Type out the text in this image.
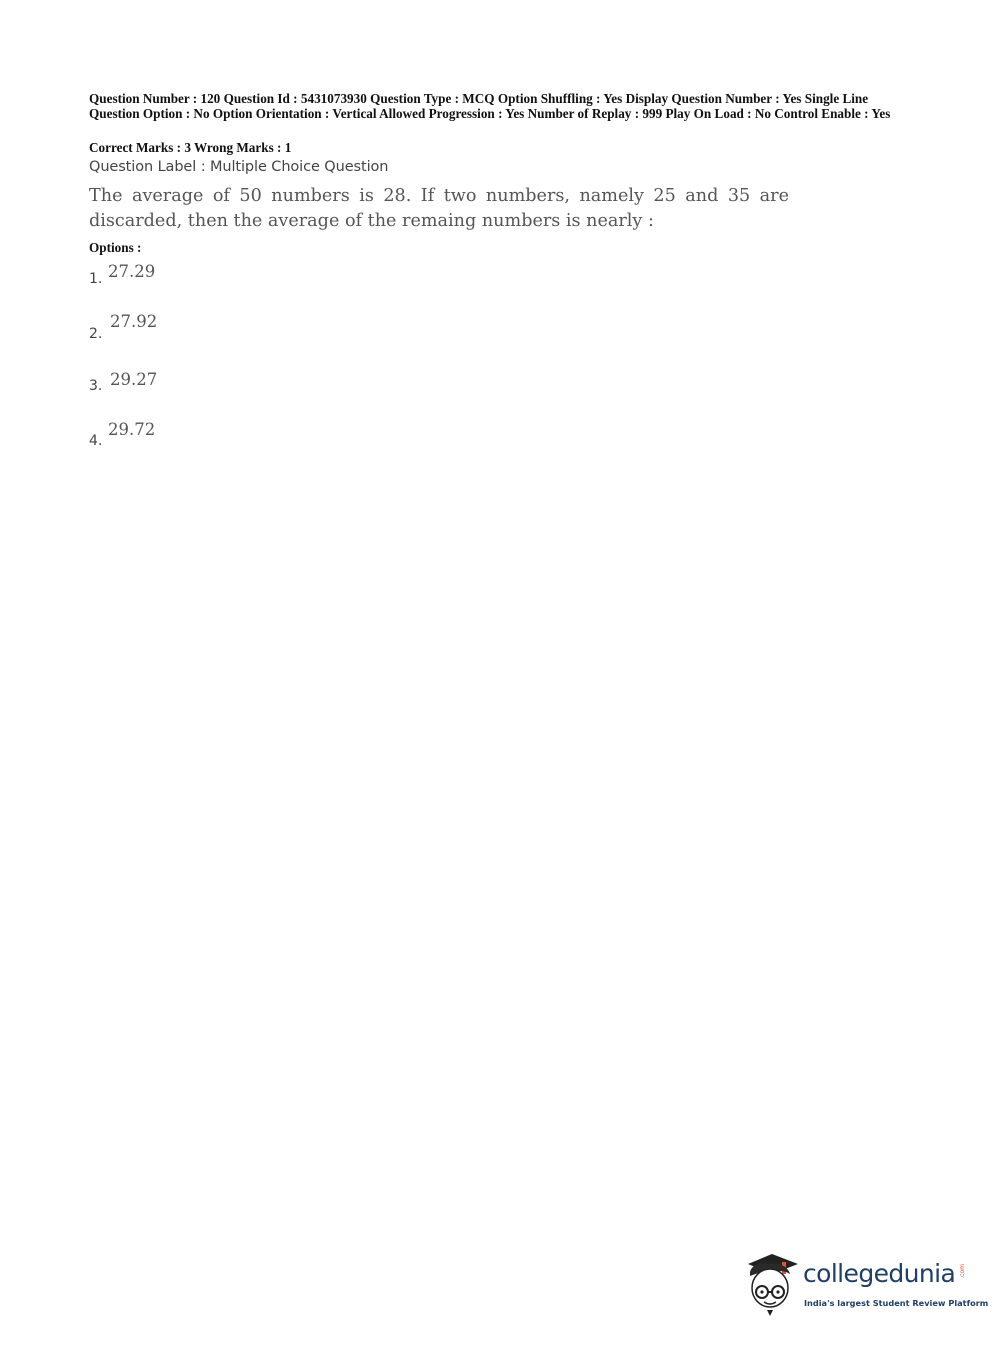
Question Number : 120 Question Id : 5431073930 Question Type : MCQ Option Shuffling : Yes Display Question Number : Yes Single Line Question Option : No Option Orientation : Vertical Allowed Progression : Yes Number of Replay : 999 Play On Load : No Control Enable : Yes
Correct Marks : 3 Wrong Marks : 1
Question Label : Multiple Choice Question
The average of 50 numbers is 28. If two numbers, namely 25 and 35 are discarded, then the average of the remaing numbers is nearly :
Options :
1. 27.29
2.
27.92
3. 29.27
4.
29.72
collegedunia .com
India's largest Student Review Platform
